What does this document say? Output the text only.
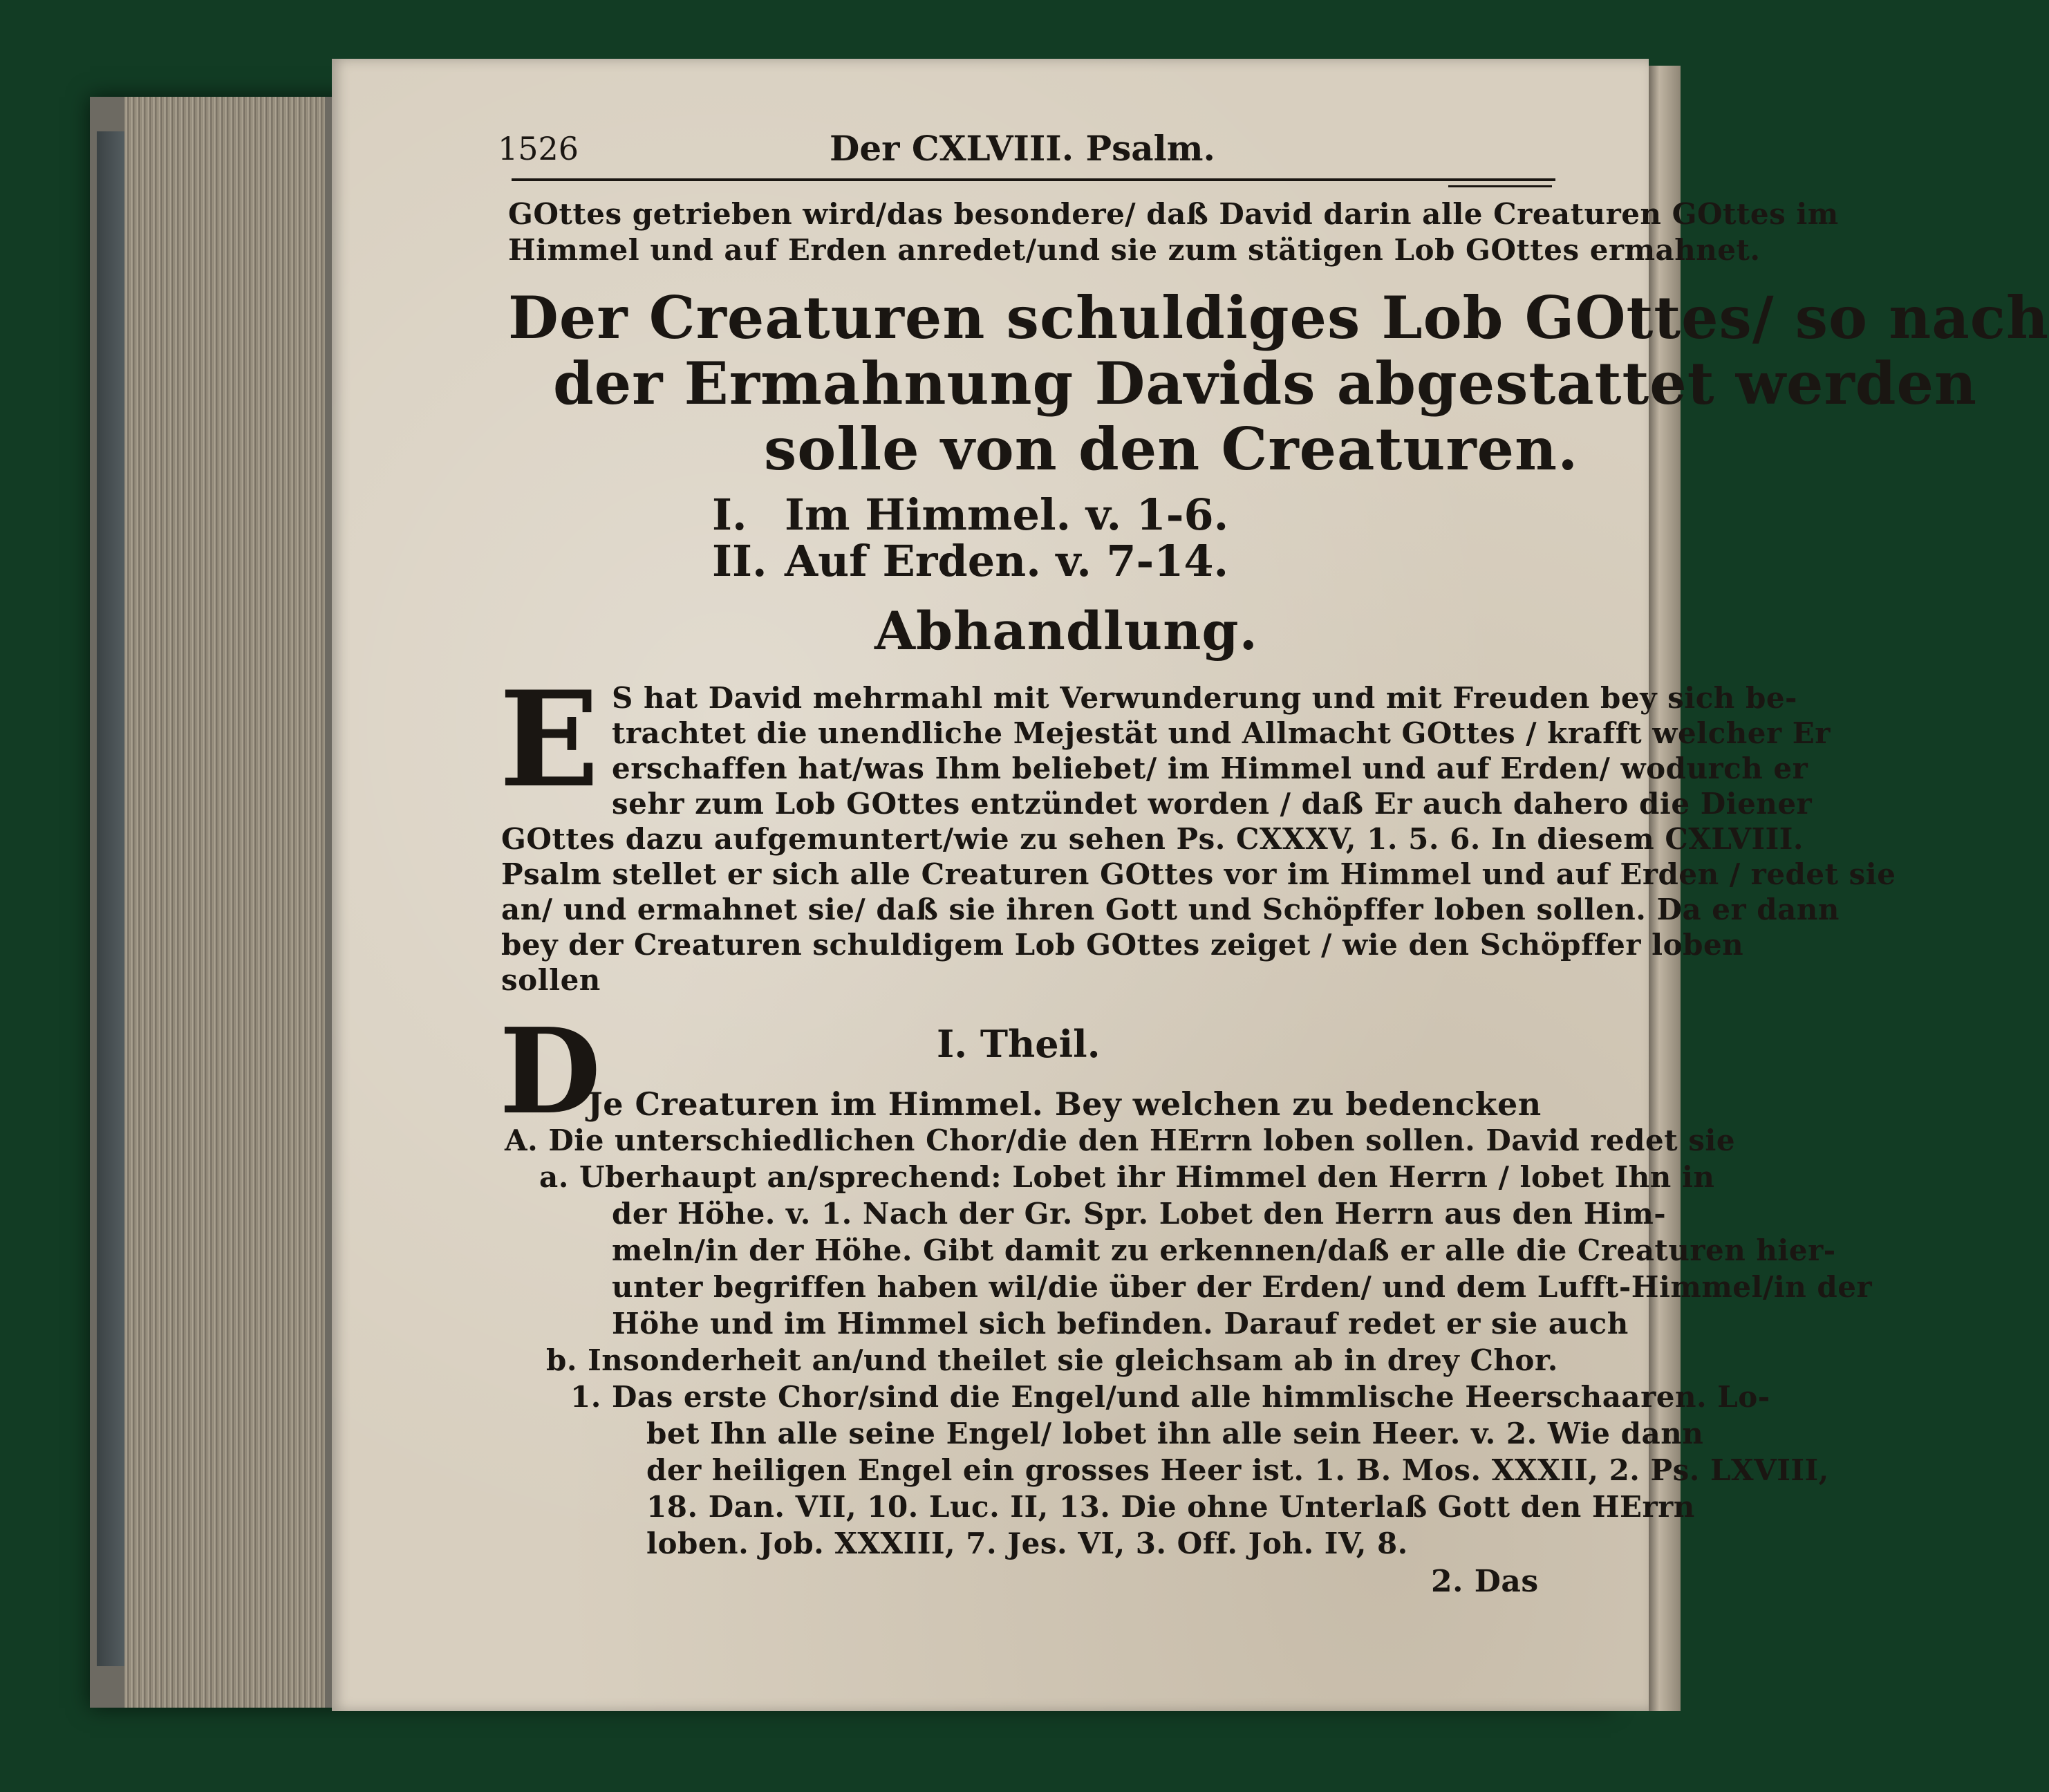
1526	Der CXLVIII. Psalm.
GOttes getrieben wird/das besondere/ daß David darin alle Creaturen GOttes im
Himmel und auf Erden anredet/und sie zum stätigen Lob GOttes ermahnet.
Der Creaturen schuldiges Lob GOttes/ so nach
der Ermahnung Davids abgestattet werden
solle von den Creaturen.
I. Im Himmel. v. 1-6.
II. Auf Erden. v. 7-14.
Abhandlung.
E S hat David mehrmahl mit Verwunderung und mit Freuden bey sich be-
trachtet die unendliche Mejestät und Allmacht GOttes / krafft welcher Er
erschaffen hat/was Ihm beliebet/ im Himmel und auf Erden/ wodurch er
sehr zum Lob GOttes entzündet worden / daß Er auch dahero die Diener
GOttes dazu aufgemuntert/wie zu sehen Ps. CXXXV, 1. 5. 6. In diesem CXLVIII.
Psalm stellet er sich alle Creaturen GOttes vor im Himmel und auf Erden / redet sie
an/ und ermahnet sie/ daß sie ihren Gott und Schöpffer loben sollen. Da er dann
bey der Creaturen schuldigem Lob GOttes zeiget / wie den Schöpffer loben
sollen
I. Theil.
D
Je Creaturen im Himmel. Bey welchen zu bedencken
A. Die unterschiedlichen Chor/die den HErrn loben sollen. David redet sie
a. Uberhaupt an/sprechend: Lobet ihr Himmel den Herrn / lobet Ihn in
der Höhe. v. 1. Nach der Gr. Spr. Lobet den Herrn aus den Him-
meln/in der Höhe. Gibt damit zu erkennen/daß er alle die Creaturen hier-
unter begriffen haben wil/die über der Erden/ und dem Lufft-Himmel/in der
Höhe und im Himmel sich befinden. Darauf redet er sie auch
b. Insonderheit an/und theilet sie gleichsam ab in drey Chor.
1. Das erste Chor/sind die Engel/und alle himmlische Heerschaaren. Lo-
bet Ihn alle seine Engel/ lobet ihn alle sein Heer. v. 2. Wie dann
der heiligen Engel ein grosses Heer ist. 1. B. Mos. XXXII, 2. Ps. LXVIII,
18. Dan. VII, 10. Luc. II, 13. Die ohne Unterlaß Gott den HErrn
loben. Job. XXXIII, 7. Jes. VI, 3. Off. Joh. IV, 8.
2. Das
